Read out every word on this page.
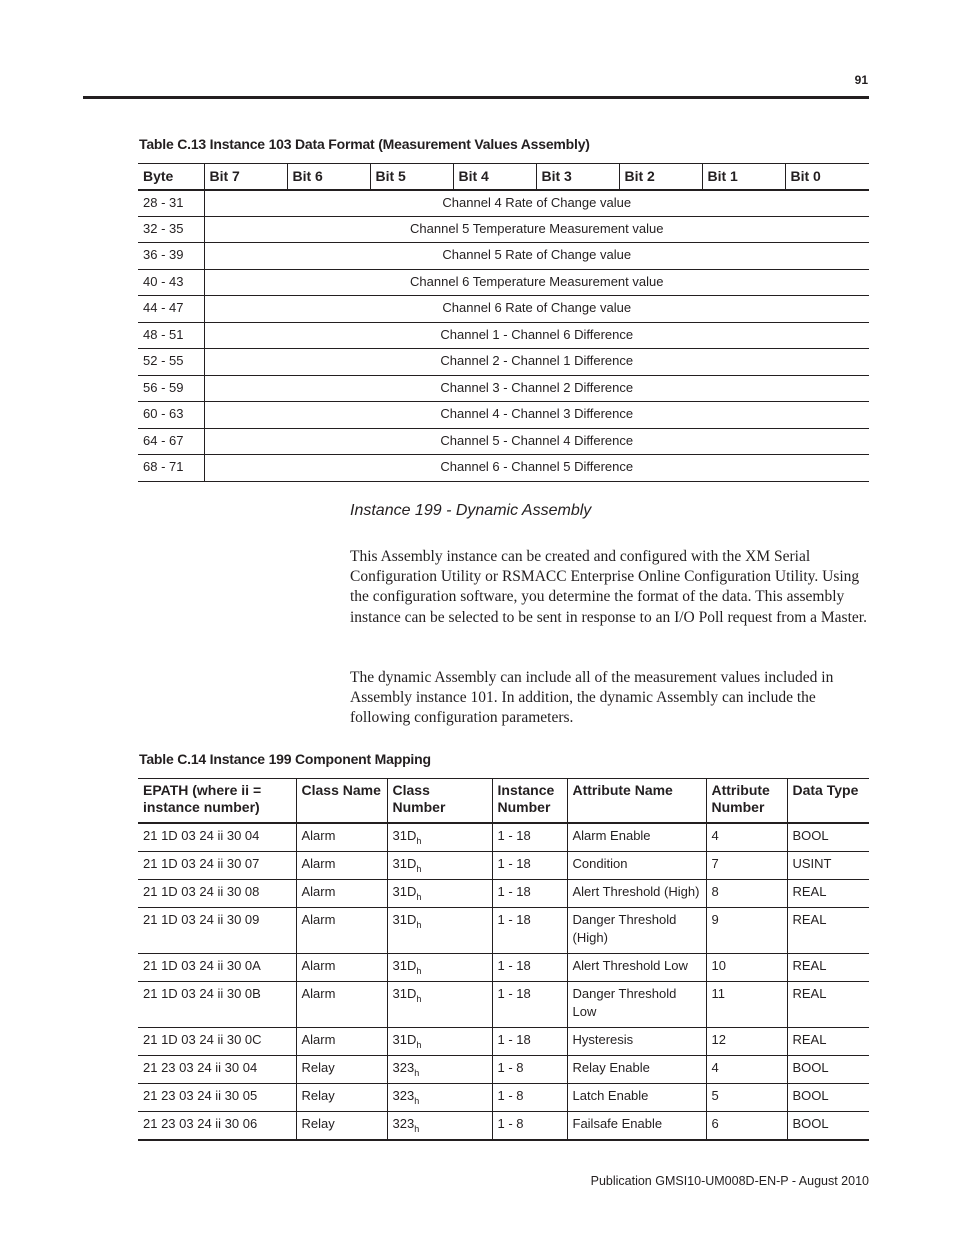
91
Table C.13 Instance 103 Data Format (Measurement Values Assembly)
Byte	Bit 7	Bit 6	Bit 5	Bit 4	Bit 3	Bit 2	Bit 1	Bit 0
28 - 31	Channel 4 Rate of Change value							
32 - 35	Channel 5 Temperature Measurement value							
36 - 39	Channel 5 Rate of Change value							
40 - 43	Channel 6 Temperature Measurement value							
44 - 47	Channel 6 Rate of Change value							
48 - 51	Channel 1 - Channel 6 Difference							
52 - 55	Channel 2 - Channel 1 Difference							
56 - 59	Channel 3 - Channel 2 Difference							
60 - 63	Channel 4 - Channel 3 Difference							
64 - 67	Channel 5 - Channel 4 Difference							
68 - 71	Channel 6 - Channel 5 Difference							
Instance 199 - Dynamic Assembly
This Assembly instance can be created and configured with the XM Serial Configuration Utility or RSMACC Enterprise Online Configuration Utility. Using the configuration software, you determine the format of the data. This assembly instance can be selected to be sent in response to an I/O Poll request from a Master.
The dynamic Assembly can include all of the measurement values included in Assembly instance 101. In addition, the dynamic Assembly can include the following configuration parameters.
Table C.14 Instance 199 Component Mapping
EPATH (where ii = instance number)	Class Name	Class Number	Instance Number	Attribute Name	Attribute Number	Data Type
21 1D 03 24 ii 30 04	Alarm	$31D_h$	1 - 18	Alarm Enable	4	BOOL
21 1D 03 24 ii 30 07	Alarm	$31D_h$	1 - 18	Condition	7	USINT
21 1D 03 24 ii 30 08	Alarm	$31D_h$	1 - 18	Alert Threshold (High)	8	REAL
21 1D 03 24 ii 30 09	Alarm	$31D_h$	1 - 18	Danger Threshold (High)	9	REAL
21 1D 03 24 ii 30 0A	Alarm	$31D_h$	1 - 18	Alert Threshold Low	10	REAL
21 1D 03 24 ii 30 0B	Alarm	$31D_h$	1 - 18	Danger Threshold Low	11	REAL
21 1D 03 24 ii 30 0C	Alarm	$31D_h$	1 - 18	Hysteresis	12	REAL
21 23 03 24 ii 30 04	Relay	$323_h$	1 - 8	Relay Enable	4	BOOL
21 23 03 24 ii 30 05	Relay	$323_h$	1 - 8	Latch Enable	5	BOOL
21 23 03 24 ii 30 06	Relay	$323_h$	1 - 8	Failsafe Enable	6	BOOL
Publication GMSI10-UM008D-EN-P - August 2010
